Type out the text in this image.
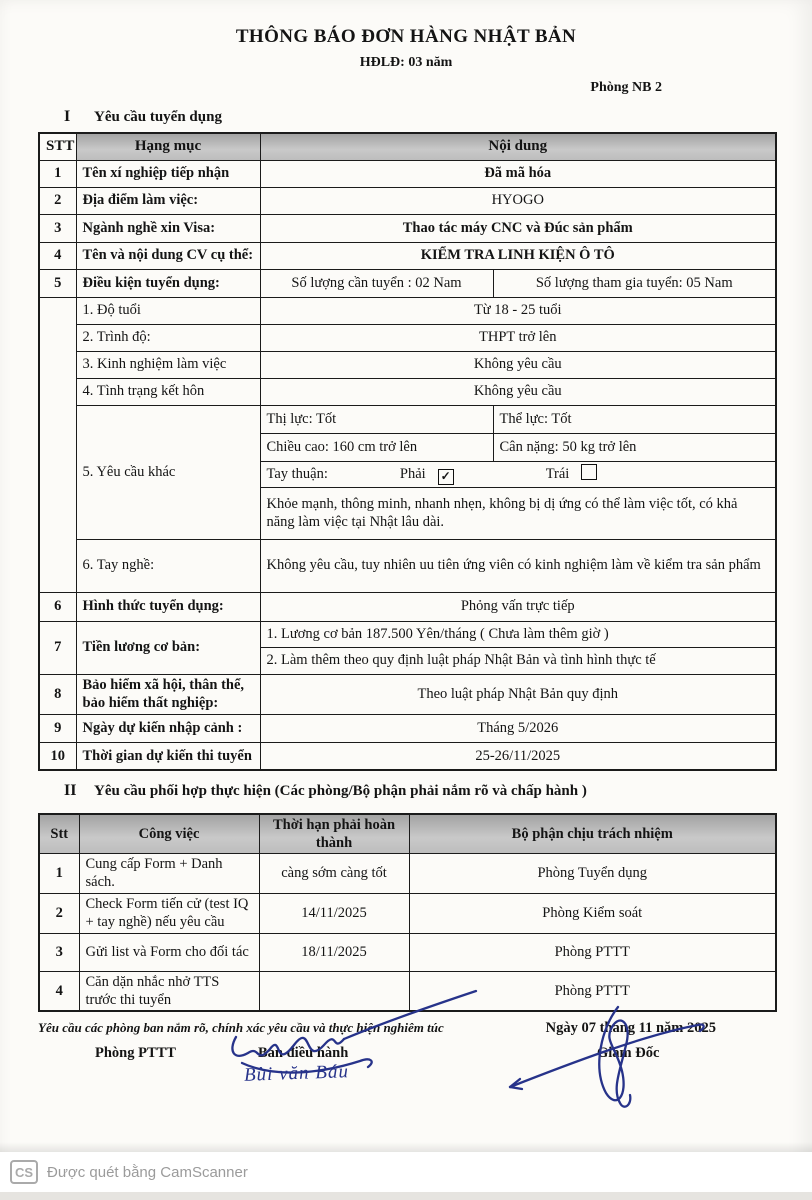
THÔNG BÁO ĐƠN HÀNG NHẬT BẢN
HĐLĐ: 03 năm
Phòng NB 2
I Yêu cầu tuyển dụng
STT	Hạng mục	Nội dung	
1	Tên xí nghiệp tiếp nhận	Đã mã hóa	
2	Địa điểm làm việc:	HYOGO	
3	Ngành nghề xin Visa:	Thao tác máy CNC và Đúc sản phẩm	
4	Tên và nội dung CV cụ thể:	KIỂM TRA LINH KIỆN Ô TÔ	
5	Điều kiện tuyển dụng:	Số lượng cần tuyển : 02 Nam	Số lượng tham gia tuyển: 05 Nam
	1. Độ tuổi	Từ 18 - 25 tuổi	
	2. Trình độ:	THPT trở lên	
	3. Kinh nghiệm làm việc	Không yêu cầu	
	4. Tình trạng kết hôn	Không yêu cầu	
	5. Yêu cầu khác	Thị lực: Tốt	Thể lực: Tốt
		Chiều cao: 160 cm trở lên	Cân nặng: 50 kg trở lên
		Tay thuận: Phải ✓ Trái	
		Khỏe mạnh, thông minh, nhanh nhẹn, không bị dị ứng có thể làm việc tốt, có khả năng làm việc tại Nhật lâu dài.	
	6. Tay nghề:	Không yêu cầu, tuy nhiên uu tiên ứng viên có kinh nghiệm làm về kiểm tra sản phẩm	
6	Hình thức tuyển dụng:	Phỏng vấn trực tiếp	
7	Tiền lương cơ bản:	1. Lương cơ bản 187.500 Yên/tháng ( Chưa làm thêm giờ )	
		2. Làm thêm theo quy định luật pháp Nhật Bản và tình hình thực tế	
8	Bảo hiểm xã hội, thân thể, bảo hiểm thất nghiệp:	Theo luật pháp Nhật Bản quy định	
9	Ngày dự kiến nhập cảnh :	Tháng 5/2026	
10	Thời gian dự kiến thi tuyển	25-26/11/2025	
II Yêu cầu phối hợp thực hiện (Các phòng/Bộ phận phải nắm rõ và chấp hành )
Stt	Công việc	Thời hạn phải hoàn thành	Bộ phận chịu trách nhiệm
1	Cung cấp Form + Danh sách.	càng sớm càng tốt	Phòng Tuyển dụng
2	Check Form tiến cử (test IQ + tay nghề) nếu yêu cầu	14/11/2025	Phòng Kiểm soát
3	Gửi list và Form cho đối tác	18/11/2025	Phòng PTTT
4	Căn dặn nhắc nhở TTS trước thi tuyển		Phòng PTTT
Yêu cầu các phòng ban nắm rõ, chính xác yêu cầu và thực hiện nghiêm túc	Ngày 07 tháng 11 năm 2025
Phòng PTTT	Ban điều hành	Giám Đốc
Bùi văn Báu
CS Được quét bằng CamScanner
